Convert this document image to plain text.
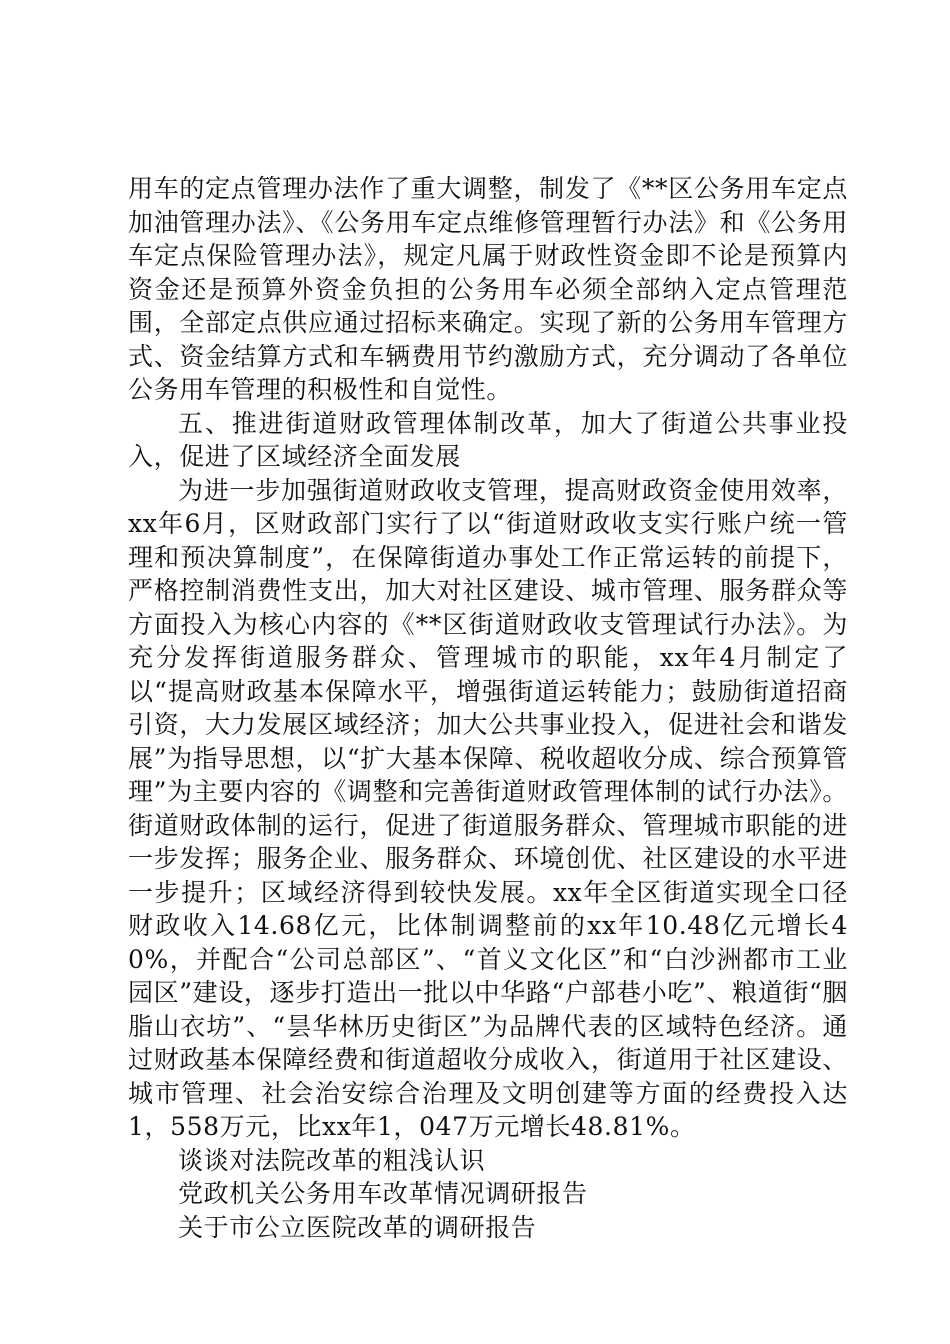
用车的定点管理办法作了重大调整，制发了《**区公务用车定点加油管理办法》、《公务用车定点维修管理暂行办法》和《公务用车定点保险管理办法》，规定凡属于财政性资金即不论是预算内资金还是预算外资金负担的公务用车必须全部纳入定点管理范围，全部定点供应通过招标来确定。实现了新的公务用车管理方式、资金结算方式和车辆费用节约激励方式，充分调动了各单位公务用车管理的积极性和自觉性。

五、推进街道财政管理体制改革，加大了街道公共事业投入，促进了区域经济全面发展

为进一步加强街道财政收支管理，提高财政资金使用效率，xx年6月，区财政部门实行了以“街道财政收支实行账户统一管理和预决算制度”，在保障街道办事处工作正常运转的前提下，严格控制消费性支出，加大对社区建设、城市管理、服务群众等方面投入为核心内容的《**区街道财政收支管理试行办法》。为充分发挥街道服务群众、管理城市的职能，xx年4月制定了以“提高财政基本保障水平，增强街道运转能力；鼓励街道招商引资，大力发展区域经济；加大公共事业投入，促进社会和谐发展”为指导思想，以“扩大基本保障、税收超收分成、综合预算管理”为主要内容的《调整和完善街道财政管理体制的试行办法》。街道财政体制的运行，促进了街道服务群众、管理城市职能的进一步发挥；服务企业、服务群众、环境创优、社区建设的水平进一步提升；区域经济得到较快发展。xx年全区街道实现全口径财政收入14.68亿元，比体制调整前的xx年10.48亿元增长40%，并配合“公司总部区”、“首义文化区”和“白沙洲都市工业园区”建设，逐步打造出一批以中华路“户部巷小吃”、粮道街“胭脂山衣坊”、“昙华林历史街区”为品牌代表的区域特色经济。通过财政基本保障经费和街道超收分成收入，街道用于社区建设、城市管理、社会治安综合治理及文明创建等方面的经费投入达1，558万元，比xx年1，047万元增长48.81%。

谈谈对法院改革的粗浅认识

党政机关公务用车改革情况调研报告

关于市公立医院改革的调研报告
